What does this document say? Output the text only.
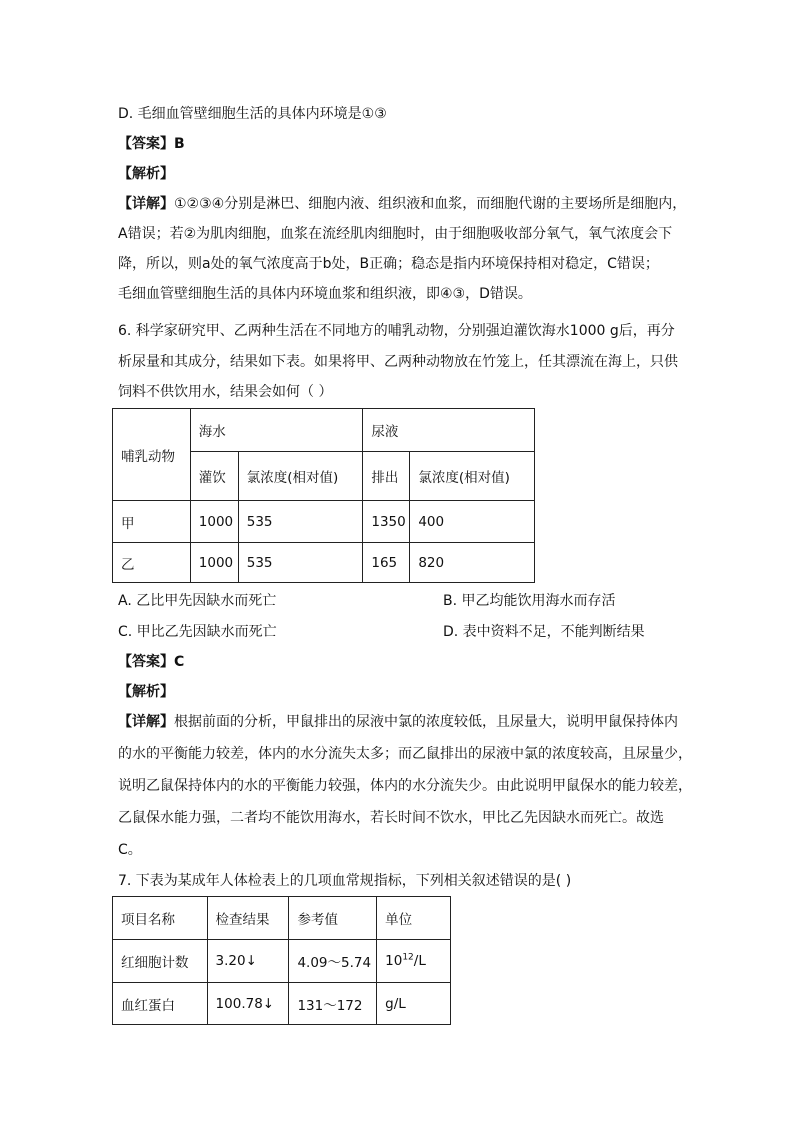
D. 毛细血管壁细胞生活的具体内环境是①③
【答案】B
【解析】
【详解】①②③④分别是淋巴、细胞内液、组织液和血浆，而细胞代谢的主要场所是细胞内，
A错误；若②为肌肉细胞，血浆在流经肌肉细胞时，由于细胞吸收部分氧气，氧气浓度会下
降，所以，则a处的氧气浓度高于b处，B正确；稳态是指内环境保持相对稳定，C错误；
毛细血管壁细胞生活的具体内环境血浆和组织液，即④③，D错误。
6. 科学家研究甲、乙两种生活在不同地方的哺乳动物，分别强迫灌饮海水1000 g后，再分
析尿量和其成分，结果如下表。如果将甲、乙两种动物放在竹笼上，任其漂流在海上，只供
饲料不供饮用水，结果会如何（ ）
哺乳动物	海水		尿液	
	灌饮	氯浓度(相对值)	排出	氯浓度(相对值)
甲	1000	535	1350	400
乙	1000	535	165	820
A. 乙比甲先因缺水而死亡	B. 甲乙均能饮用海水而存活
C. 甲比乙先因缺水而死亡	D. 表中资料不足，不能判断结果
【答案】C
【解析】
【详解】根据前面的分析，甲鼠排出的尿液中氯的浓度较低，且尿量大，说明甲鼠保持体内
的水的平衡能力较差，体内的水分流失太多；而乙鼠排出的尿液中氯的浓度较高，且尿量少，
说明乙鼠保持体内的水的平衡能力较强，体内的水分流失少。由此说明甲鼠保水的能力较差，
乙鼠保水能力强，二者均不能饮用海水，若长时间不饮水，甲比乙先因缺水而死亡。故选
C。
7. 下表为某成年人体检表上的几项血常规指标，下列相关叙述错误的是( )
项目名称	检查结果	参考值	单位
红细胞计数	3.20↓	4.09～5.74	$10^{12}/L$
血红蛋白	100.78↓	131～172	g/L
